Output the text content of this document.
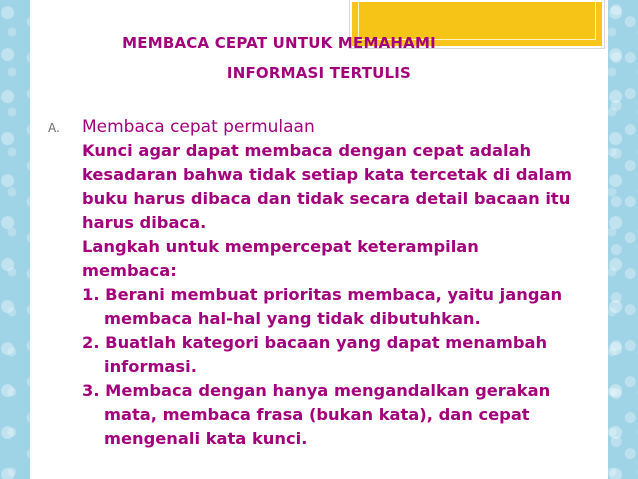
MEMBACA CEPAT UNTUK MEMAHAMI
INFORMASI TERTULIS
A. Membaca cepat permulaan
Kunci agar dapat membaca dengan cepat adalah
kesadaran bahwa tidak setiap kata tercetak di dalam
buku harus dibaca dan tidak secara detail bacaan itu
harus dibaca.
Langkah untuk mempercepat keterampilan
membaca:
1. Berani membuat prioritas membaca, yaitu jangan
membaca hal-hal yang tidak dibutuhkan.
2. Buatlah kategori bacaan yang dapat menambah
informasi.
3. Membaca dengan hanya mengandalkan gerakan
mata, membaca frasa (bukan kata), dan cepat
mengenali kata kunci.
